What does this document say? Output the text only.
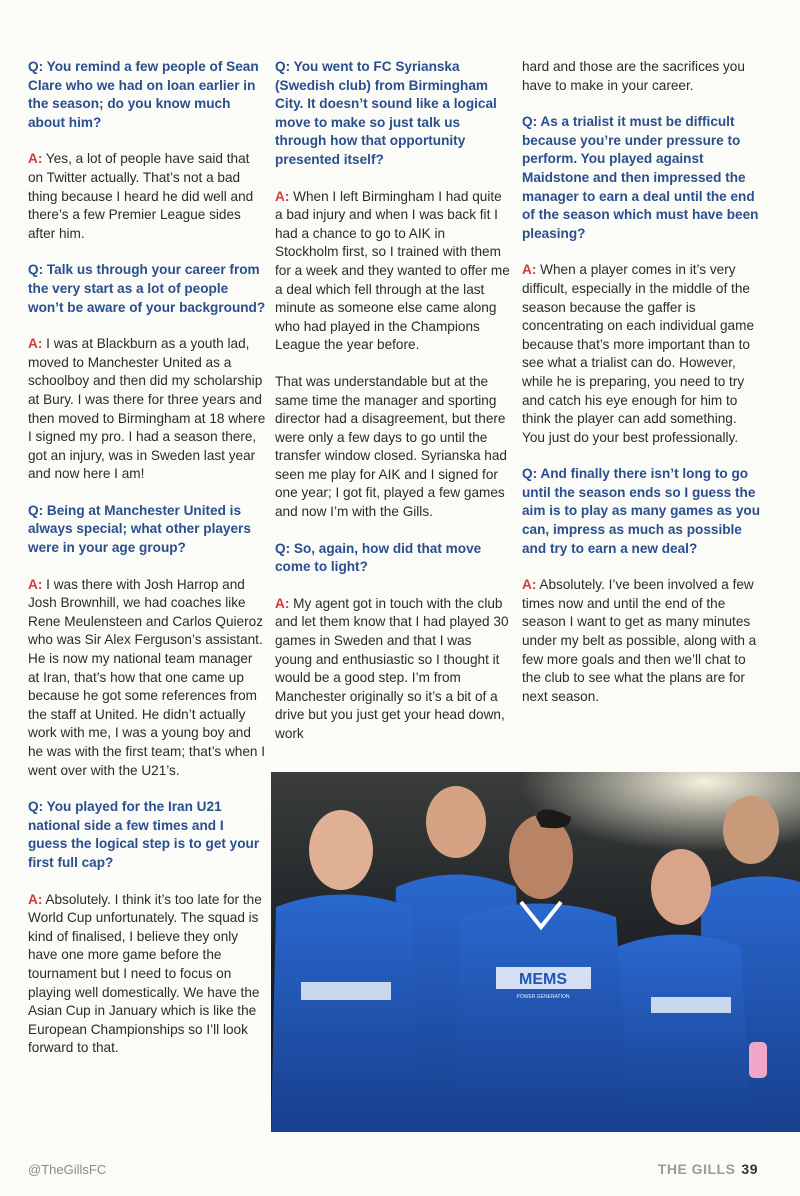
Q: You remind a few people of Sean Clare who we had on loan earlier in the season; do you know much about him?
A: Yes, a lot of people have said that on Twitter actually. That’s not a bad thing because I heard he did well and there’s a few Premier League sides after him.
Q: Talk us through your career from the very start as a lot of people won’t be aware of your background?
A: I was at Blackburn as a youth lad, moved to Manchester United as a schoolboy and then did my scholarship at Bury. I was there for three years and then moved to Birmingham at 18 where I signed my pro. I had a season there, got an injury, was in Sweden last year and now here I am!
Q: Being at Manchester United is always special; what other players were in your age group?
A: I was there with Josh Harrop and Josh Brownhill, we had coaches like Rene Meulensteen and Carlos Quieroz who was Sir Alex Ferguson’s assistant. He is now my national team manager at Iran, that’s how that one came up because he got some references from the staff at United. He didn’t actually work with me, I was a young boy and he was with the first team; that’s when I went over with the U21’s.
Q: You played for the Iran U21 national side a few times and I guess the logical step is to get your first full cap?
A: Absolutely. I think it’s too late for the World Cup unfortunately. The squad is kind of finalised, I believe they only have one more game before the tournament but I need to focus on playing well domestically. We have the Asian Cup in January which is like the European Championships so I’ll look forward to that.
Q: You went to FC Syrianska (Swedish club) from Birmingham City. It doesn’t sound like a logical move to make so just talk us through how that opportunity presented itself?
A: When I left Birmingham I had quite a bad injury and when I was back fit I had a chance to go to AIK in Stockholm first, so I trained with them for a week and they wanted to offer me a deal which fell through at the last minute as someone else came along who had played in the Champions League the year before.
That was understandable but at the same time the manager and sporting director had a disagreement, but there were only a few days to go until the transfer window closed. Syrianska had seen me play for AIK and I signed for one year; I got fit, played a few games and now I’m with the Gills.
Q: So, again, how did that move come to light?
A: My agent got in touch with the club and let them know that I had played 30 games in Sweden and that I was young and enthusiastic so I thought it would be a good step. I’m from Manchester originally so it’s a bit of a drive but you just get your head down, work
hard and those are the sacrifices you have to make in your career.
Q: As a trialist it must be difficult because you’re under pressure to perform. You played against Maidstone and then impressed the manager to earn a deal until the end of the season which must have been pleasing?
A: When a player comes in it’s very difficult, especially in the middle of the season because the gaffer is concentrating on each individual game because that’s more important than to see what a trialist can do. However, while he is preparing, you need to try and catch his eye enough for him to think the player can add something. You just do your best professionally.
Q: And finally there isn’t long to go until the season ends so I guess the aim is to play as many games as you can, impress as much as possible and try to earn a new deal?
A: Absolutely. I’ve been involved a few times now and until the end of the season I want to get as many minutes under my belt as possible, along with a few more goals and then we’ll chat to the club to see what the plans are for next season.
MEMS
POWER GENERATION
@TheGillsFC	THE GILLS 39
